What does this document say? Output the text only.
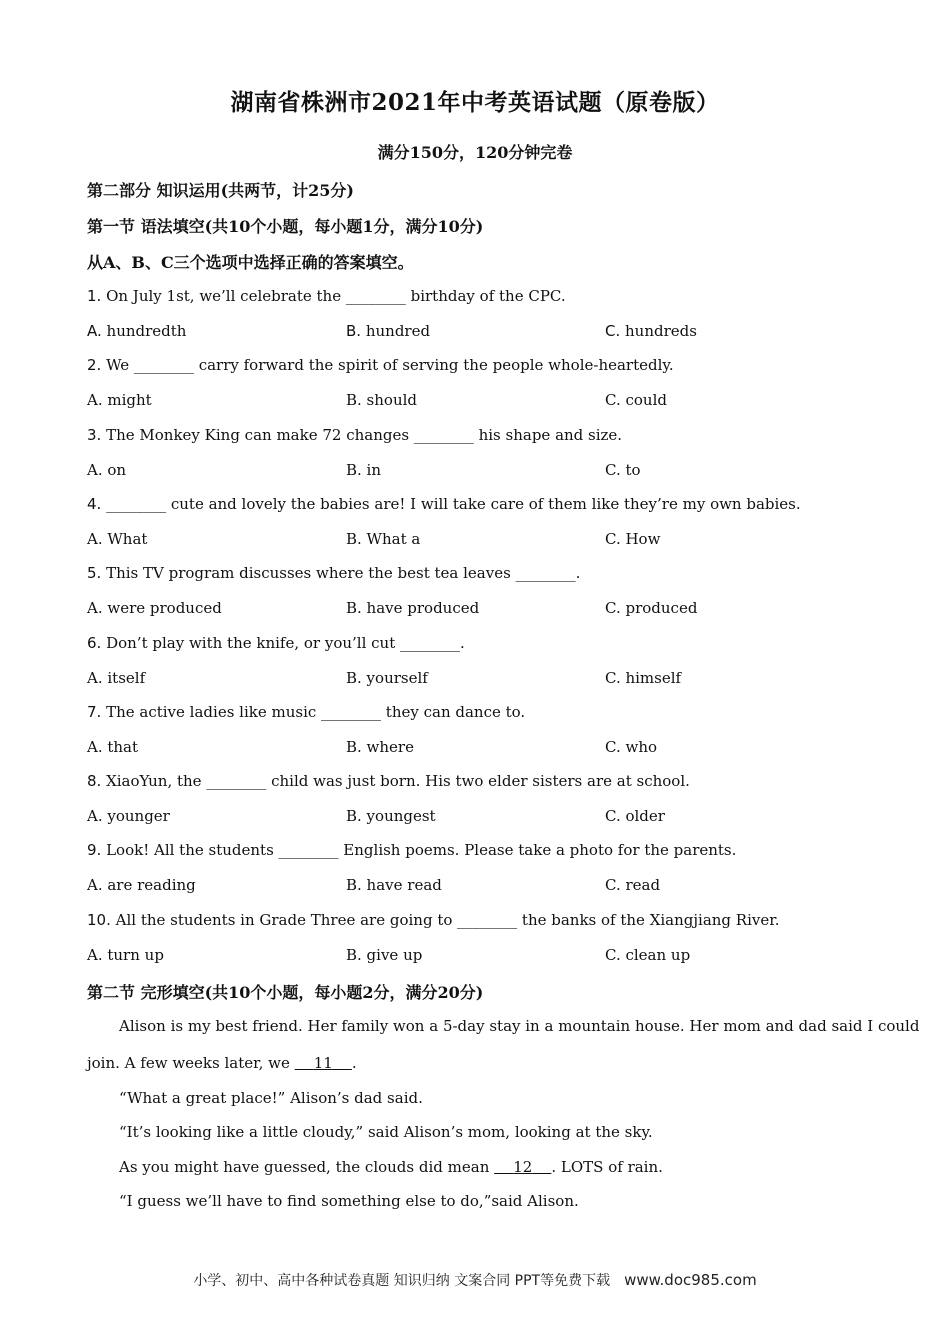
湖南省株洲市2021年中考英语试题（原卷版）
满分150分，120分钟完卷
第二部分 知识运用(共两节，计25分)
第一节 语法填空(共10个小题，每小题1分，满分10分)
从A、B、C三个选项中选择正确的答案填空。
1. On July 1st, we’ll celebrate the ________ birthday of the CPC.
A. hundredth	B. hundred	C. hundreds
2. We ________ carry forward the spirit of serving the people whole-heartedly.
A. might	B. should	C. could
3. The Monkey King can make 72 changes ________ his shape and size.
A. on	B. in	C. to
4. ________ cute and lovely the babies are! I will take care of them like they’re my own babies.
A. What	B. What a	C. How
5. This TV program discusses where the best tea leaves ________.
A. were produced	B. have produced	C. produced
6. Don’t play with the knife, or you’ll cut ________.
A. itself	B. yourself	C. himself
7. The active ladies like music ________ they can dance to.
A. that	B. where	C. who
8. XiaoYun, the ________ child was just born. His two elder sisters are at school.
A. younger	B. youngest	C. older
9. Look! All the students ________ English poems. Please take a photo for the parents.
A. are reading	B. have read	C. read
10. All the students in Grade Three are going to ________ the banks of the Xiangjiang River.
A. turn up	B. give up	C. clean up
第二节 完形填空(共10个小题，每小题2分，满分20分)
Alison is my best friend. Her family won a 5-day stay in a mountain house. Her mom and dad said I could
join. A few weeks later, we     11 .
“What a great place!” Alison’s dad said.
“It’s looking like a little cloudy,” said Alison’s mom, looking at the sky.
As you might have guessed, the clouds did mean     12 . LOTS of rain.
“I guess we’ll have to find something else to do,”said Alison.
小学、初中、高中各种试卷真题 知识归纳 文案合同 PPT等免费下载 www.doc985.com
